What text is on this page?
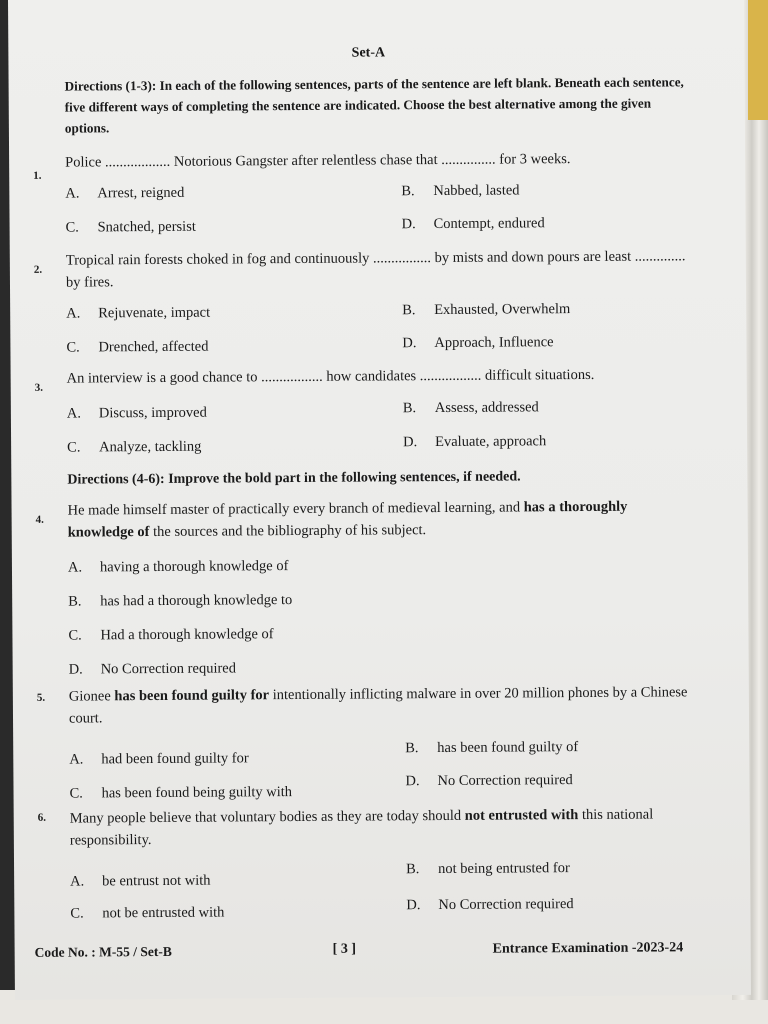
Set-A
Directions (1-3): In each of the following sentences, parts of the sentence are left blank. Beneath each sentence, five different ways of completing the sentence are indicated. Choose the best alternative among the given options.
1.
Police .................. Notorious Gangster after relentless chase that ............... for 3 weeks.
A. Arrest, reigned	B. Nabbed, lasted
C. Snatched, persist	D. Contempt, endured
2.
Tropical rain forests choked in fog and continuously ................ by mists and down pours are least .............. by fires.
A. Rejuvenate, impact	B. Exhausted, Overwhelm
C. Drenched, affected	D. Approach, Influence
3.
An interview is a good chance to ................. how candidates ................. difficult situations.
A. Discuss, improved	B. Assess, addressed
C. Analyze, tackling	D. Evaluate, approach
Directions (4-6): Improve the bold part in the following sentences, if needed.
4.
He made himself master of practically every branch of medieval learning, and has a thoroughly knowledge of the sources and the bibliography of his subject.
A. having a thorough knowledge of
B. has had a thorough knowledge to
C. Had a thorough knowledge of
D. No Correction required
5. Gionee has been found guilty for intentionally inflicting malware in over 20 million phones by a Chinese court.
A. had been found guilty for
B. has been found guilty of
C. has been found being guilty with
D. No Correction required
6. Many people believe that voluntary bodies as they are today should not entrusted with this national responsibility.
A. be entrust not with
B. not being entrusted for
C. not be entrusted with	D. No Correction required
Code No. : M-55 / Set-B	[ 3 ]	Entrance Examination -2023-24
